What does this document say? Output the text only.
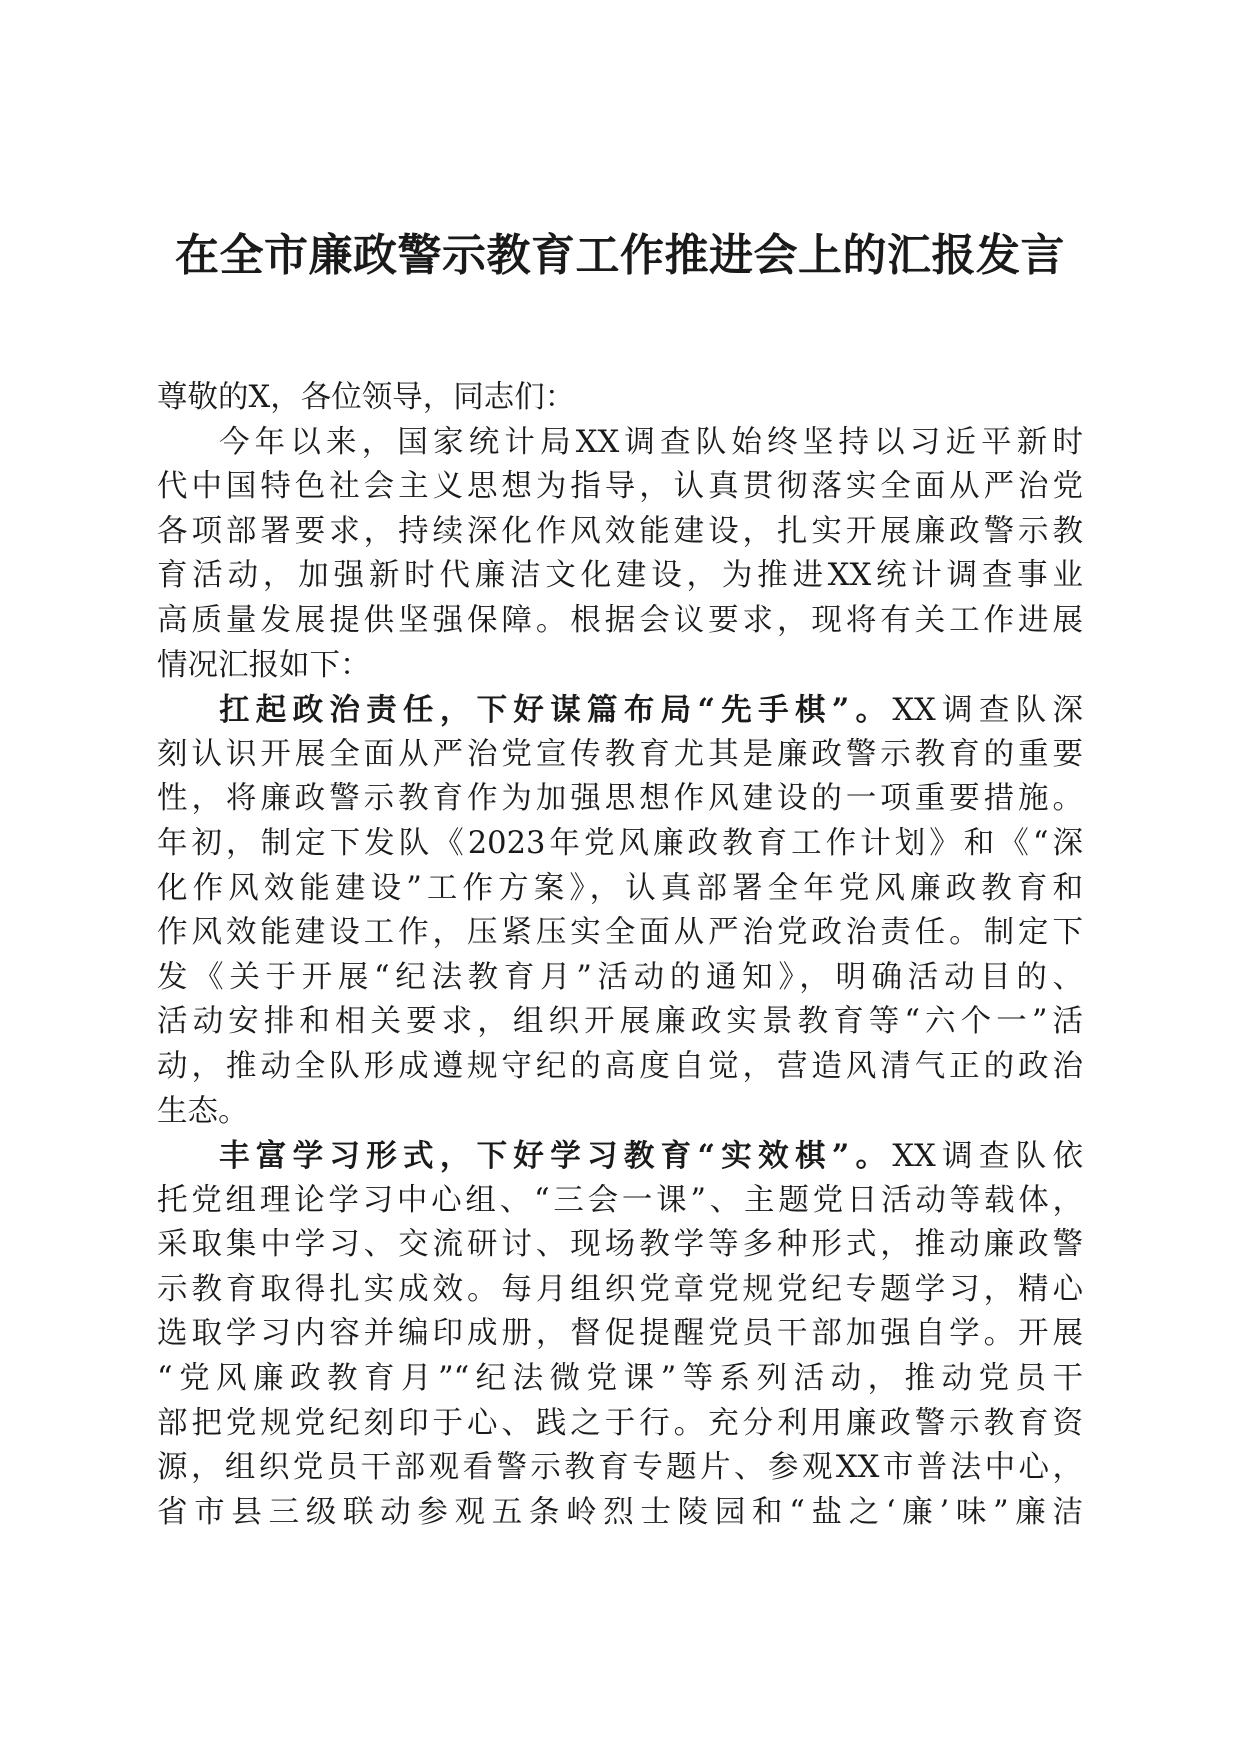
在全市廉政警示教育工作推进会上的汇报发言
尊敬的X，各位领导，同志们：
今年以来，国家统计局XX调查队始终坚持以习近平新时
代中国特色社会主义思想为指导，认真贯彻落实全面从严治党
各项部署要求，持续深化作风效能建设，扎实开展廉政警示教
育活动，加强新时代廉洁文化建设，为推进XX统计调查事业
高质量发展提供坚强保障。根据会议要求，现将有关工作进展
情况汇报如下：
扛起政治责任，下好谋篇布局“先手棋”。XX调查队深
刻认识开展全面从严治党宣传教育尤其是廉政警示教育的重要
性，将廉政警示教育作为加强思想作风建设的一项重要措施。
年初，制定下发队《2023年党风廉政教育工作计划》和《“深
化作风效能建设”工作方案》，认真部署全年党风廉政教育和
作风效能建设工作，压紧压实全面从严治党政治责任。制定下
发《关于开展“纪法教育月”活动的通知》，明确活动目的、
活动安排和相关要求，组织开展廉政实景教育等“六个一”活
动，推动全队形成遵规守纪的高度自觉，营造风清气正的政治
生态。
丰富学习形式，下好学习教育“实效棋”。XX调查队依
托党组理论学习中心组、“三会一课”、主题党日活动等载体，
采取集中学习、交流研讨、现场教学等多种形式，推动廉政警
示教育取得扎实成效。每月组织党章党规党纪专题学习，精心
选取学习内容并编印成册，督促提醒党员干部加强自学。开展
“党风廉政教育月”“纪法微党课”等系列活动，推动党员干
部把党规党纪刻印于心、践之于行。充分利用廉政警示教育资
源，组织党员干部观看警示教育专题片、参观XX市普法中心，
省市县三级联动参观五条岭烈士陵园和“盐之‘廉’味”廉洁
